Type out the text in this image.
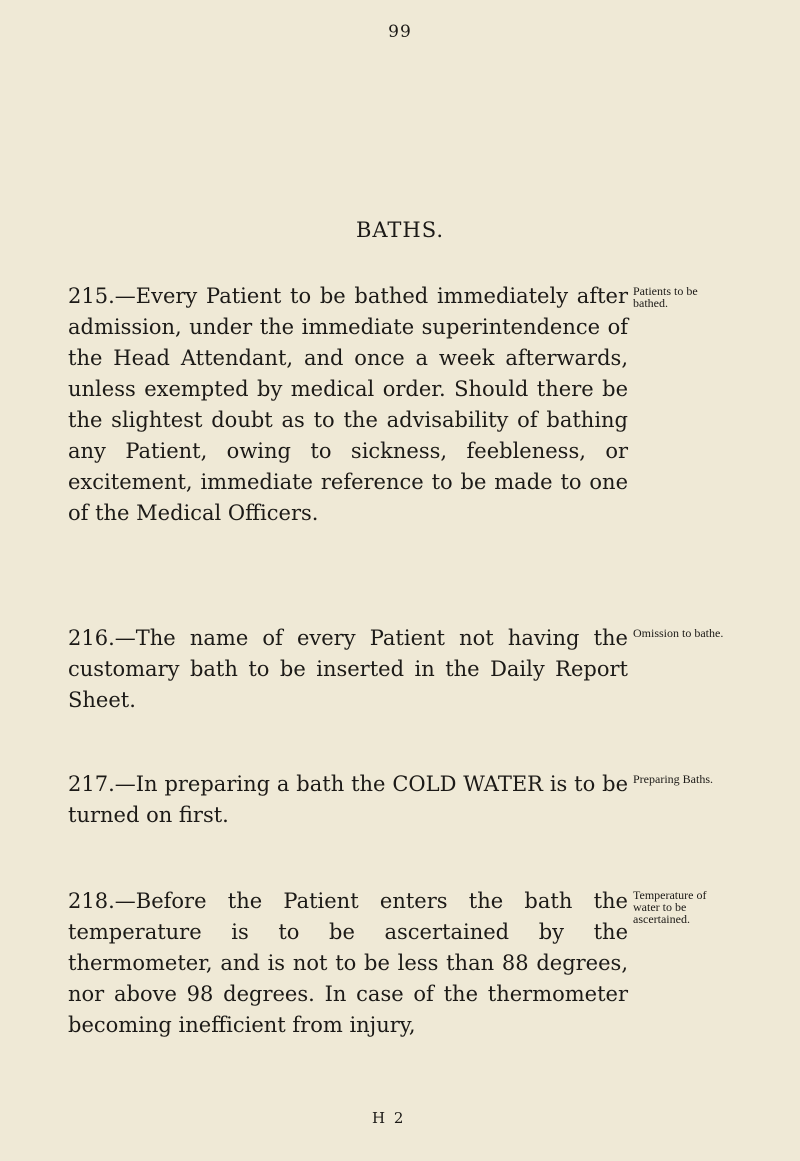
99
BATHS.
215.—Every Patient to be bathed immediately after admission, under the immediate superintendence of the Head Attendant, and once a week afterwards, unless exempted by medical order. Should there be the slightest doubt as to the advisability of bathing any Patient, owing to sickness, feebleness, or excitement, immediate reference to be made to one of the Medical Officers.
Patients to be bathed.
216.—The name of every Patient not having the customary bath to be inserted in the Daily Report Sheet.
Omission to bathe.
217.—In preparing a bath the COLD WATER is to be turned on first.
Preparing Baths.
218.—Before the Patient enters the bath the temperature is to be ascertained by the thermometer, and is not to be less than 88 degrees, nor above 98 degrees. In case of the thermometer becoming inefficient from injury,
Temperature of water to be ascertained.
H 2
